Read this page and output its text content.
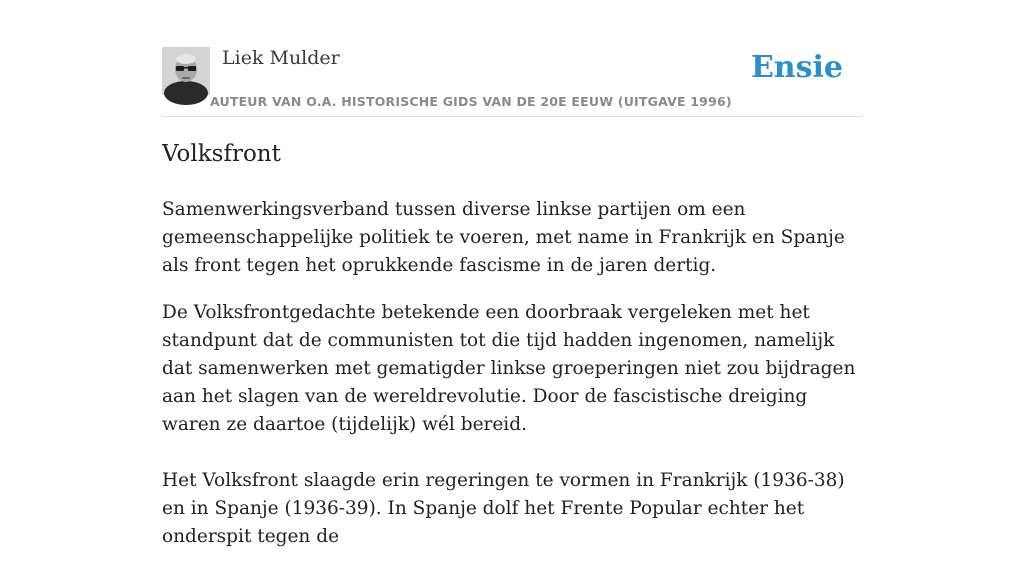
Liek Mulder
AUTEUR VAN O.A. HISTORISCHE GIDS VAN DE 20E EEUW (UITGAVE 1996)
Ensie
Volksfront

Samenwerkingsverband tussen diverse linkse partijen om een gemeenschappelijke politiek te voeren, met name in Frankrijk en Spanje als front tegen het oprukkende fascisme in de jaren dertig.

De Volksfrontgedachte betekende een doorbraak vergeleken met het standpunt dat de communisten tot die tijd hadden ingenomen, namelijk dat samenwerken met gematigder linkse groeperingen niet zou bijdragen aan het slagen van de wereldrevolutie. Door de fascistische dreiging waren ze daartoe (tijdelijk) wél bereid.

Het Volksfront slaagde erin regeringen te vormen in Frankrijk (1936-38) en in Spanje (1936-39). In Spanje dolf het Frente Popular echter het onderspit tegen de
